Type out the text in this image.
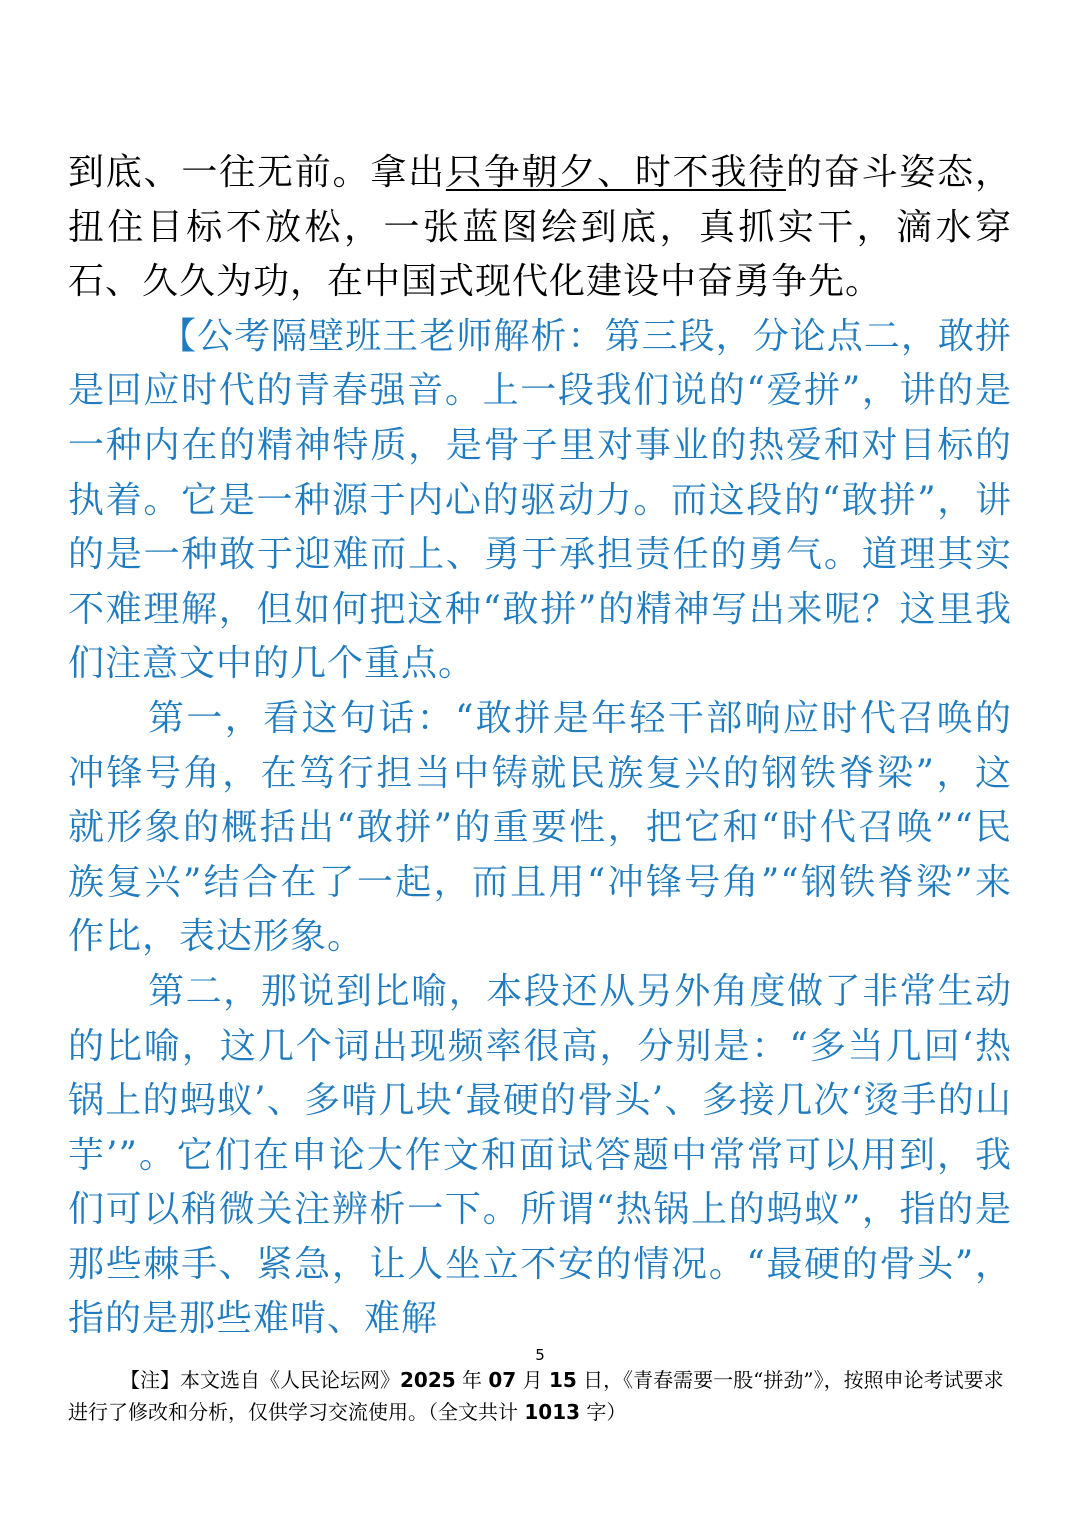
到底、一往无前。拿出只争朝夕、时不我待的奋斗姿态，扭住目标不放松，一张蓝图绘到底，真抓实干，滴水穿石、久久为功，在中国式现代化建设中奋勇争先。

【公考隔壁班王老师解析：第三段，分论点二，敢拼是回应时代的青春强音。上一段我们说的“爱拼”，讲的是一种内在的精神特质，是骨子里对事业的热爱和对目标的执着。它是一种源于内心的驱动力。而这段的“敢拼”，讲的是一种敢于迎难而上、勇于承担责任的勇气。道理其实不难理解，但如何把这种“敢拼”的精神写出来呢？这里我们注意文中的几个重点。

第一，看这句话：“敢拼是年轻干部响应时代召唤的冲锋号角，在笃行担当中铸就民族复兴的钢铁脊梁”，这就形象的概括出“敢拼”的重要性，把它和“时代召唤”“民族复兴”结合在了一起，而且用“冲锋号角”“钢铁脊梁”来作比，表达形象。

第二，那说到比喻，本段还从另外角度做了非常生动的比喻，这几个词出现频率很高，分别是：“多当几回‘热锅上的蚂蚁’、多啃几块‘最硬的骨头’、多接几次‘烫手的山芋’”。它们在申论大作文和面试答题中常常可以用到，我们可以稍微关注辨析一下。所谓“热锅上的蚂蚁”，指的是那些棘手、紧急，让人坐立不安的情况。“最硬的骨头”，指的是那些难啃、难解

5
【注】本文选自《人民论坛网》2025 年 07 月 15 日，《青春需要一股“拼劲”》，按照申论考试要求进行了修改和分析，仅供学习交流使用。（全文共计 1013 字）
